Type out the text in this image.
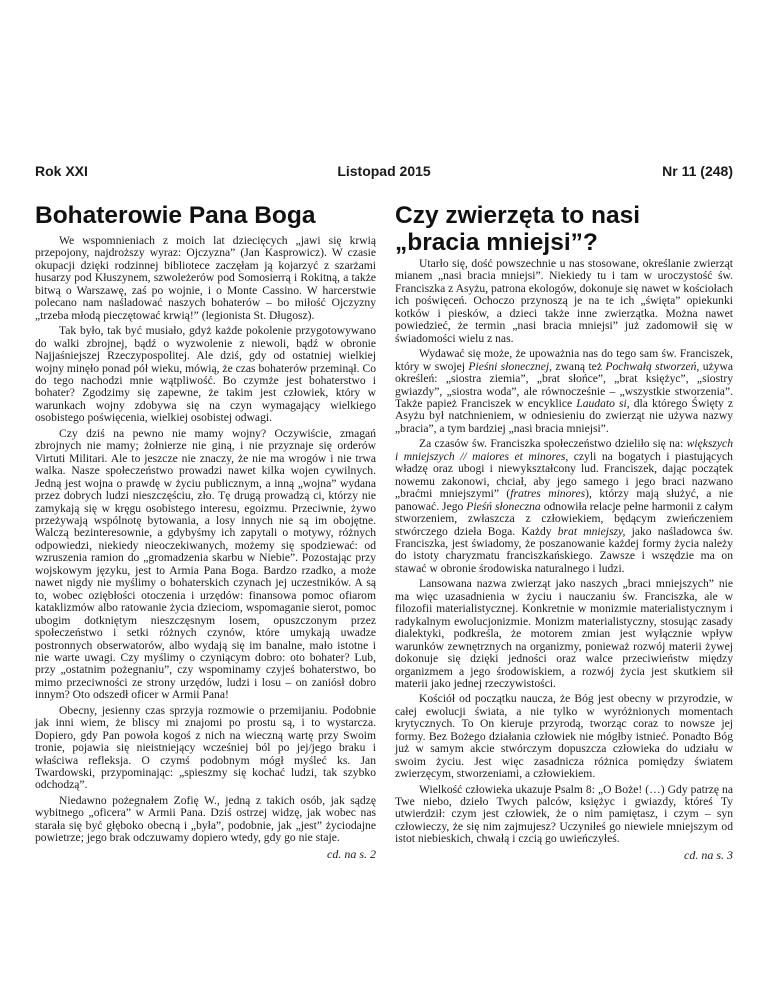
Rok XXI	Listopad 2015	Nr 11 (248)
Bohaterowie Pana Boga

We wspomnieniach z moich lat dziecięcych „jawi się krwią przepojony, najdroższy wyraz: Ojczyzna” (Jan Kasprowicz). W czasie okupacji dzięki rodzinnej bibliotece zaczęłam ją kojarzyć z szarżami husarzy pod Kłuszynem, szwoleżerów pod Somosierrą i Rokitną, a także bitwą o Warszawę, zaś po wojnie, i o Monte Cassino. W harcerstwie polecano nam naśladować naszych bohaterów – bo miłość Ojczyzny „trzeba młodą pieczętować krwią!” (legionista St. Długosz).

Tak było, tak być musiało, gdyż każde pokolenie przygotowywano do walki zbrojnej, bądź o wyzwolenie z niewoli, bądź w obronie Najjaśniejszej Rzeczypospolitej. Ale dziś, gdy od ostatniej wielkiej wojny minęło ponad pół wieku, mówią, że czas bohaterów przeminął. Co do tego nachodzi mnie wątpliwość. Bo czymże jest bohaterstwo i bohater? Zgodzimy się zapewne, że takim jest człowiek, który w warunkach wojny zdobywa się na czyn wymagający wielkiego osobistego poświęcenia, wielkiej osobistej odwagi.

Czy dziś na pewno nie mamy wojny? Oczywiście, zmagań zbrojnych nie mamy; żołnierze nie giną, i nie przyznaje się orderów Virtuti Militari. Ale to jeszcze nie znaczy, że nie ma wrogów i nie trwa walka. Nasze społeczeństwo prowadzi nawet kilka wojen cywilnych. Jedną jest wojna o prawdę w życiu publicznym, a inną „wojna” wydana przez dobrych ludzi nieszczęściu, zło. Tę drugą prowadzą ci, którzy nie zamykają się w kręgu osobistego interesu, egoizmu. Przeciwnie, żywo przeżywają wspólnotę bytowania, a losy innych nie są im obojętne. Walczą bezinteresownie, a gdybyśmy ich zapytali o motywy, różnych odpowiedzi, niekiedy nieoczekiwanych, możemy się spodziewać: od wzruszenia ramion do „gromadzenia skarbu w Niebie”. Pozostając przy wojskowym języku, jest to Armia Pana Boga. Bardzo rzadko, a może nawet nigdy nie myślimy o bohaterskich czynach jej uczestników. A są to, wobec oziębłości otoczenia i urzędów: finansowa pomoc ofiarom kataklizmów albo ratowanie życia dzieciom, wspomaganie sierot, pomoc ubogim dotkniętym nieszczęsnym losem, opuszczonym przez społeczeństwo i setki różnych czynów, które umykają uwadze postronnych obserwatorów, albo wydają się im banalne, mało istotne i nie warte uwagi. Czy myślimy o czyniącym dobro: oto bohater? Lub, przy „ostatnim pożegnaniu”, czy wspominamy czyjeś bohaterstwo, bo mimo przeciwności ze strony urzędów, ludzi i losu – on zaniósł dobro innym? Oto odszedł oficer w Armii Pana!

Obecny, jesienny czas sprzyja rozmowie o przemijaniu. Podobnie jak inni wiem, że bliscy mi znajomi po prostu są, i to wystarcza. Dopiero, gdy Pan powoła kogoś z nich na wieczną wartę przy Swoim tronie, pojawia się nieistniejący wcześniej ból po jej/jego braku i właściwa refleksja. O czymś podobnym mógł myśleć ks. Jan Twardowski, przypominając: „spieszmy się kochać ludzi, tak szybko odchodzą”.

Niedawno pożegnałem Zofię W., jedną z takich osób, jak sądzę wybitnego „oficera” w Armii Pana. Dziś ostrzej widzę, jak wobec nas starała się być głęboko obecną i „była”, podobnie, jak „jest” życiodajne powietrze; jego brak odczuwamy dopiero wtedy, gdy go nie staje.

cd. na s. 2
Czy zwierzęta to nasi
„bracia mniejsi”?

Utarło się, dość powszechnie u nas stosowane, określanie zwierząt mianem „nasi bracia mniejsi”. Niekiedy tu i tam w uroczystość św. Franciszka z Asyżu, patrona ekologów, dokonuje się nawet w kościołach ich poświęceń. Ochoczo przynoszą je na te ich „święta” opiekunki kotków i piesków, a dzieci także inne zwierzątka. Można nawet powiedzieć, że termin „nasi bracia mniejsi” już zadomowił się w świadomości wielu z nas.

Wydawać się może, że upoważnia nas do tego sam św. Franciszek, który w swojej Pieśni słonecznej, zwaną też Pochwałą stworzeń, używa określeń: „siostra ziemia”, „brat słońce”, „brat księżyc”, „siostry gwiazdy”, „siostra woda”, ale równocześnie – „wszystkie stworzenia”. Także papież Franciszek w encyklice Laudato si, dla którego Święty z Asyżu był natchnieniem, w odniesieniu do zwierząt nie używa nazwy „bracia”, a tym bardziej „nasi bracia mniejsi”.

Za czasów św. Franciszka społeczeństwo dzieliło się na: większych i mniejszych // maiores et minores, czyli na bogatych i piastujących władzę oraz ubogi i niewykształcony lud. Franciszek, dając początek nowemu zakonowi, chciał, aby jego samego i jego braci nazwano „braćmi mniejszymi” (fratres minores), którzy mają służyć, a nie panować. Jego Pieśń słoneczna odnowiła relacje pełne harmonii z całym stworzeniem, zwłaszcza z człowiekiem, będącym zwieńczeniem stwórczego dzieła Boga. Każdy brat mniejszy, jako naśladowca św. Franciszka, jest świadomy, że poszanowanie każdej formy życia należy do istoty charyzmatu franciszkańskiego. Zawsze i wszędzie ma on stawać w obronie środowiska naturalnego i ludzi.

Lansowana nazwa zwierząt jako naszych „braci mniejszych” nie ma więc uzasadnienia w życiu i nauczaniu św. Franciszka, ale w filozofii materialistycznej. Konkretnie w monizmie materialistycznym i radykalnym ewolucjonizmie. Monizm materialistyczny, stosując zasady dialektyki, podkreśla, że motorem zmian jest wyłącznie wpływ warunków zewnętrznych na organizmy, ponieważ rozwój materii żywej dokonuje się dzięki jedności oraz walce przeciwieństw między organizmem a jego środowiskiem, a rozwój życia jest skutkiem sił materii jako jednej rzeczywistości.

Kościół od początku naucza, że Bóg jest obecny w przyrodzie, w całej ewolucji świata, a nie tylko w wyróżnionych momentach krytycznych. To On kieruje przyrodą, tworząc coraz to nowsze jej formy. Bez Bożego działania człowiek nie mógłby istnieć. Ponadto Bóg już w samym akcie stwórczym dopuszcza człowieka do udziału w swoim życiu. Jest więc zasadnicza różnica pomiędzy światem zwierzęcym, stworzeniami, a człowiekiem.

Wielkość człowieka ukazuje Psalm 8: „O Boże! (…) Gdy patrzę na Twe niebo, dzieło Twych palców, księżyc i gwiazdy, któreś Ty utwierdził: czym jest człowiek, że o nim pamiętasz, i czym – syn człowieczy, że się nim zajmujesz? Uczyniłeś go niewiele mniejszym od istot niebieskich, chwałą i czcią go uwieńczyłeś.

cd. na s. 3
